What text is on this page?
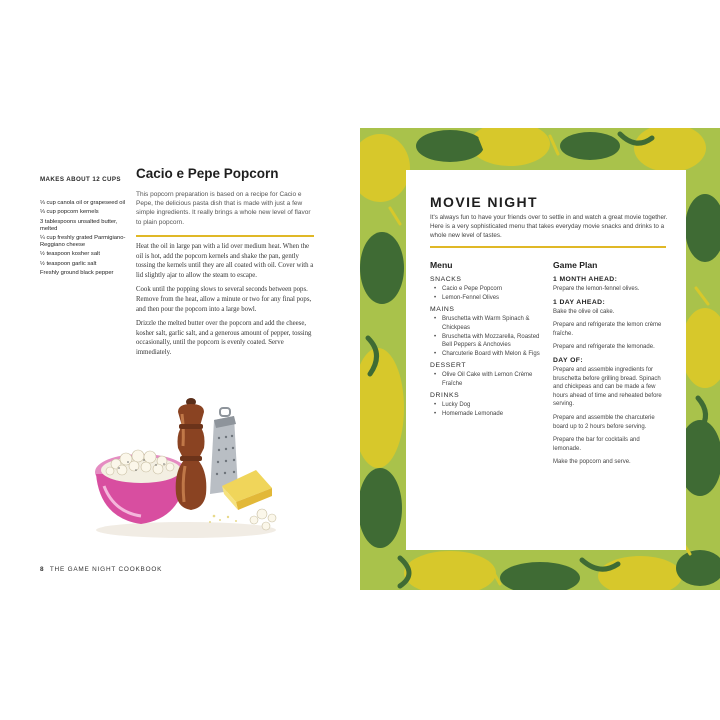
MAKES ABOUT 12 CUPS
⅓ cup canola oil or grapeseed oil
⅓ cup popcorn kernels
3 tablespoons unsalted butter, melted
¼ cup freshly grated Parmigiano-Reggiano cheese
½ teaspoon kosher salt
½ teaspoon garlic salt
Freshly ground black pepper
Cacio e Pepe Popcorn

This popcorn preparation is based on a recipe for Cacio e Pepe, the delicious pasta dish that is made with just a few simple ingredients. It really brings a whole new level of flavor to plain popcorn.

Heat the oil in large pan with a lid over medium heat. When the oil is hot, add the popcorn kernels and shake the pan, gently tossing the kernels until they are all coated with oil. Cover with a lid slightly ajar to allow the steam to escape.

Cook until the popping slows to several seconds between pops. Remove from the heat, allow a minute or two for any final pops, and then pour the popcorn into a large bowl.

Drizzle the melted butter over the popcorn and add the cheese, kosher salt, garlic salt, and a generous amount of pepper, tossing occasionally, until the popcorn is evenly coated. Serve immediately.

8 THE GAME NIGHT COOKBOOK
MOVIE NIGHT

It's always fun to have your friends over to settle in and watch a great movie together. Here is a very sophisticated menu that takes everyday movie snacks and drinks to a whole new level of tastes.

Menu
SNACKS
• Cacio e Pepe Popcorn
• Lemon-Fennel Olives
MAINS
• Bruschetta with Warm Spinach & Chickpeas
• Bruschetta with Mozzarella, Roasted Bell Peppers & Anchovies
• Charcuterie Board with Melon & Figs
DESSERT
• Olive Oil Cake with Lemon Crème Fraîche
DRINKS
• Lucky Dog
• Homemade Lemonade
Game Plan
1 MONTH AHEAD:

Prepare the lemon-fennel olives.

1 DAY AHEAD:

Bake the olive oil cake.

Prepare and refrigerate the lemon crème fraîche.

Prepare and refrigerate the lemonade.

DAY OF:

Prepare and assemble ingredients for bruschetta before grilling bread. Spinach and chickpeas and can be made a few hours ahead of time and reheated before serving.

Prepare and assemble the charcuterie board up to 2 hours before serving.

Prepare the bar for cocktails and lemonade.

Make the popcorn and serve.
